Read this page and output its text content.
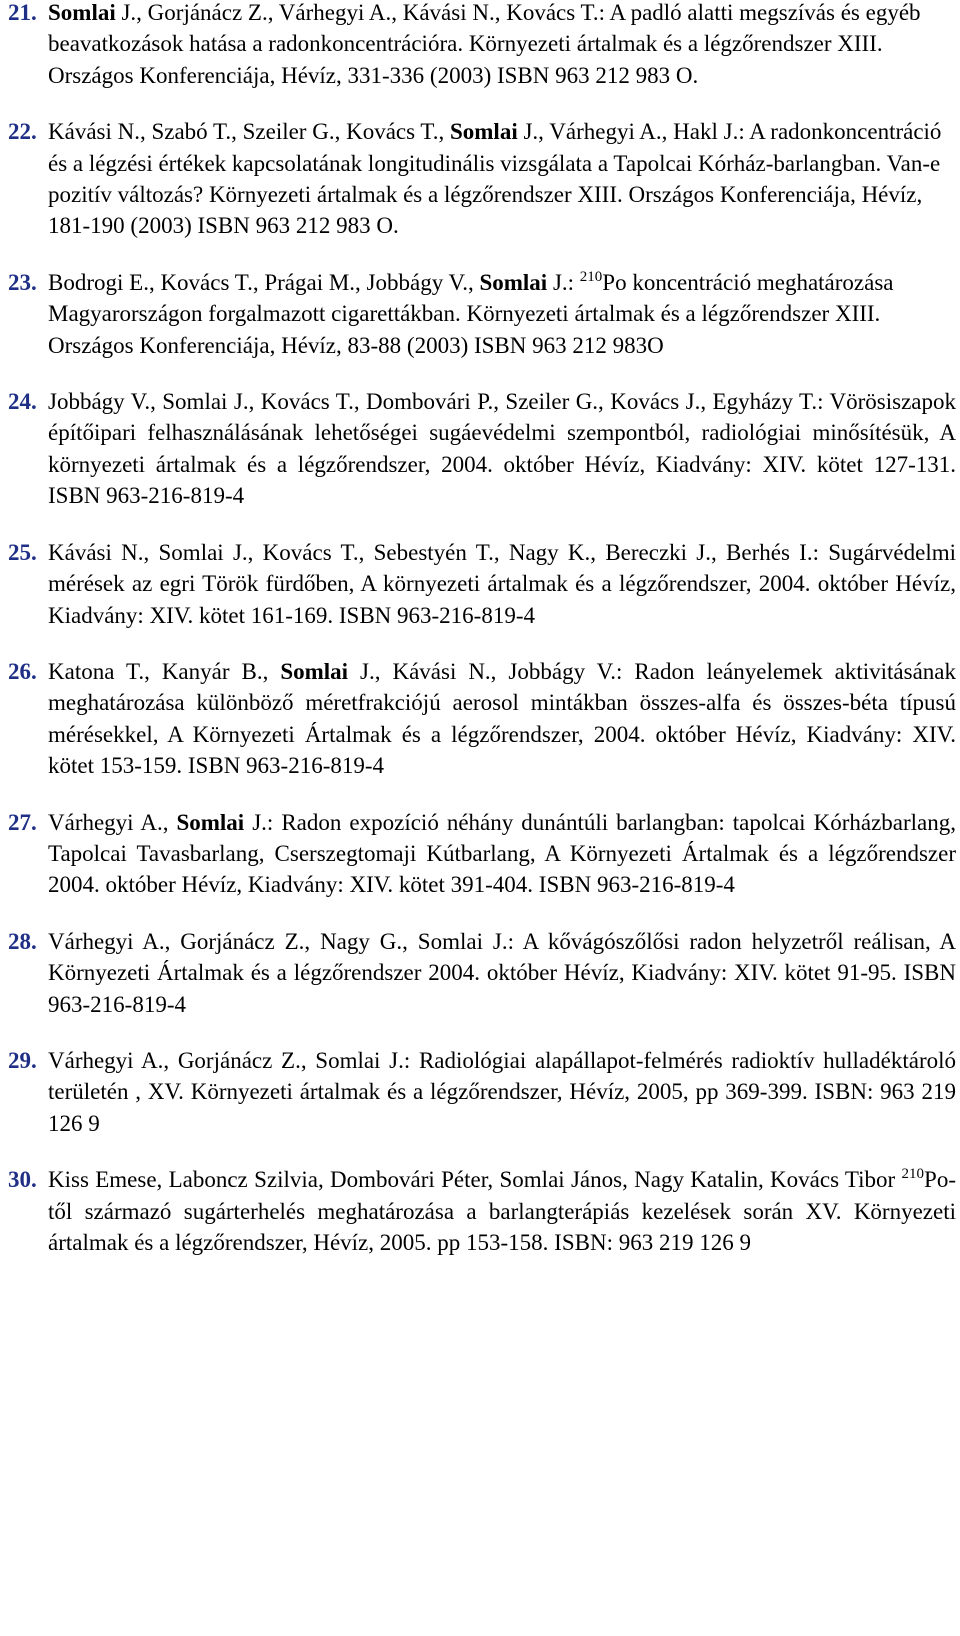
21. Somlai J., Gorjánácz Z., Várhegyi A., Kávási N., Kovács T.: A padló alatti megszívás és egyéb beavatkozások hatása a radonkoncentrációra. Környezeti ártalmak és a légzőrendszer XIII. Országos Konferenciája, Hévíz, 331-336 (2003) ISBN 963 212 983 O.
22. Kávási N., Szabó T., Szeiler G., Kovács T., Somlai J., Várhegyi A., Hakl J.: A radonkoncentráció és a légzési értékek kapcsolatának longitudinális vizsgálata a Tapolcai Kórház-barlangban. Van-e pozitív változás? Környezeti ártalmak és a légzőrendszer XIII. Országos Konferenciája, Hévíz, 181-190 (2003) ISBN 963 212 983 O.
23. Bodrogi E., Kovács T., Prágai M., Jobbágy V., Somlai J.: $^{210}$Po koncentráció meghatározása Magyarországon forgalmazott cigarettákban. Környezeti ártalmak és a légzőrendszer XIII. Országos Konferenciája, Hévíz, 83-88 (2003) ISBN 963 212 983O
24. Jobbágy V., Somlai J., Kovács T., Dombovári P., Szeiler G., Kovács J., Egyházy T.: Vörösiszapok építőipari felhasználásának lehetőségei sugáevédelmi szempontból, radiológiai minősítésük, A környezeti ártalmak és a légzőrendszer, 2004. október Hévíz, Kiadvány: XIV. kötet 127-131. ISBN 963-216-819-4
25. Kávási N., Somlai J., Kovács T., Sebestyén T., Nagy K., Bereczki J., Berhés I.: Sugárvédelmi mérések az egri Török fürdőben, A környezeti ártalmak és a légzőrendszer, 2004. október Hévíz, Kiadvány: XIV. kötet 161-169. ISBN 963-216-819-4
26. Katona T., Kanyár B., Somlai J., Kávási N., Jobbágy V.: Radon leányelemek aktivitásának meghatározása különböző méretfrakciójú aerosol mintákban összes-alfa és összes-béta típusú mérésekkel, A Környezeti Ártalmak és a légzőrendszer, 2004. október Hévíz, Kiadvány: XIV. kötet 153-159. ISBN 963-216-819-4
27. Várhegyi A., Somlai J.: Radon expozíció néhány dunántúli barlangban: tapolcai Kórházbarlang, Tapolcai Tavasbarlang, Cserszegtomaji Kútbarlang, A Környezeti Ártalmak és a légzőrendszer 2004. október Hévíz, Kiadvány: XIV. kötet 391-404. ISBN 963-216-819-4
28. Várhegyi A., Gorjánácz Z., Nagy G., Somlai J.: A kővágószőlősi radon helyzetről reálisan, A Környezeti Ártalmak és a légzőrendszer 2004. október Hévíz, Kiadvány: XIV. kötet 91-95. ISBN 963-216-819-4
29. Várhegyi A., Gorjánácz Z., Somlai J.: Radiológiai alapállapot-felmérés radioktív hulladéktároló területén , XV. Környezeti ártalmak és a légzőrendszer, Hévíz, 2005, pp 369-399. ISBN: 963 219 126 9
30. Kiss Emese, Laboncz Szilvia, Dombovári Péter, Somlai János, Nagy Katalin, Kovács Tibor $^{210}$Po-től származó sugárterhelés meghatározása a barlangterápiás kezelések során XV. Környezeti ártalmak és a légzőrendszer, Hévíz, 2005. pp 153-158. ISBN: 963 219 126 9
